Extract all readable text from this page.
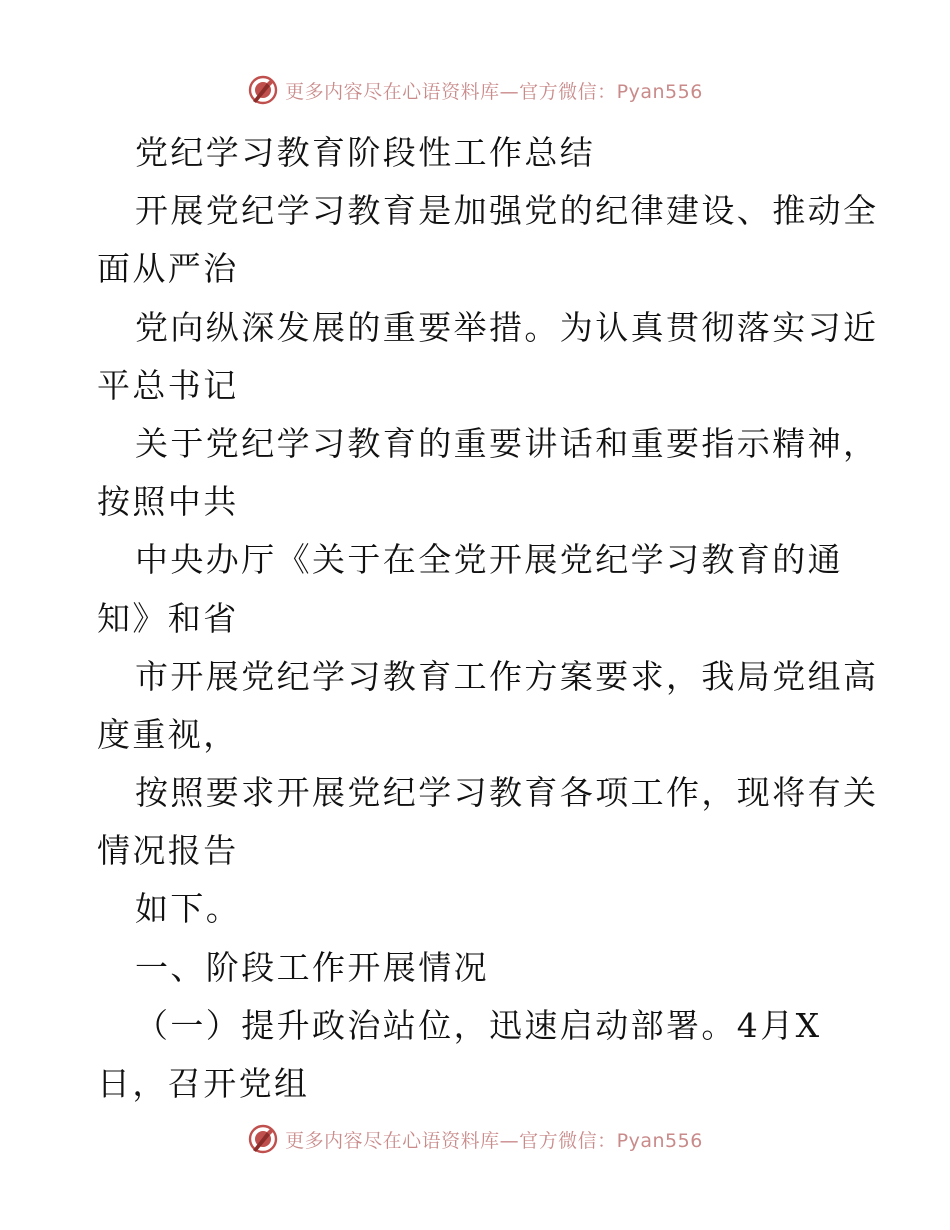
更多内容尽在心语资料库—官方微信：Pyan556
党纪学习教育阶段性工作总结
开展党纪学习教育是加强党的纪律建设、推动全
面从严治
党向纵深发展的重要举措。为认真贯彻落实习近
平总书记
关于党纪学习教育的重要讲话和重要指示精神，
按照中共
中央办厅《关于在全党开展党纪学习教育的通
知》和省
市开展党纪学习教育工作方案要求，我局党组高
度重视，
按照要求开展党纪学习教育各项工作，现将有关
情况报告
如下。
一、阶段工作开展情况
（一）提升政治站位，迅速启动部署。4月X
日，召开党组
更多内容尽在心语资料库—官方微信：Pyan556
